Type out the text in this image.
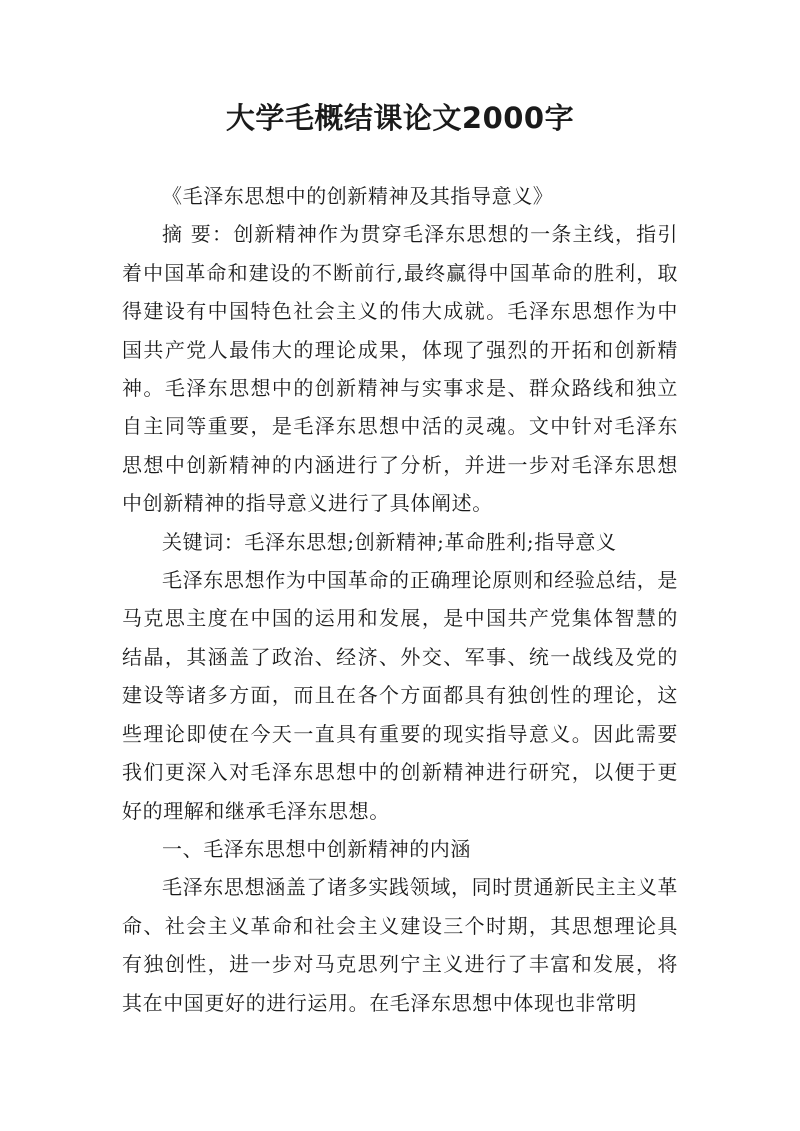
大学毛概结课论文2000字

《毛泽东思想中的创新精神及其指导意义》

摘 要：创新精神作为贯穿毛泽东思想的一条主线，指引着中国革命和建设的不断前行,最终赢得中国革命的胜利，取得建设有中国特色社会主义的伟大成就。毛泽东思想作为中国共产党人最伟大的理论成果，体现了强烈的开拓和创新精神。毛泽东思想中的创新精神与实事求是、群众路线和独立自主同等重要，是毛泽东思想中活的灵魂。文中针对毛泽东思想中创新精神的内涵进行了分析，并进一步对毛泽东思想中创新精神的指导意义进行了具体阐述。

关键词：毛泽东思想;创新精神;革命胜利;指导意义

毛泽东思想作为中国革命的正确理论原则和经验总结，是马克思主度在中国的运用和发展，是中国共产党集体智慧的结晶，其涵盖了政治、经济、外交、军事、统一战线及党的建设等诸多方面，而且在各个方面都具有独创性的理论，这些理论即使在今天一直具有重要的现实指导意义。因此需要我们更深入对毛泽东思想中的创新精神进行研究，以便于更好的理解和继承毛泽东思想。

一、毛泽东思想中创新精神的内涵

毛泽东思想涵盖了诸多实践领域，同时贯通新民主主义革命、社会主义革命和社会主义建设三个时期，其思想理论具有独创性，进一步对马克思列宁主义进行了丰富和发展，将其在中国更好的进行运用。在毛泽东思想中体现也非常明
